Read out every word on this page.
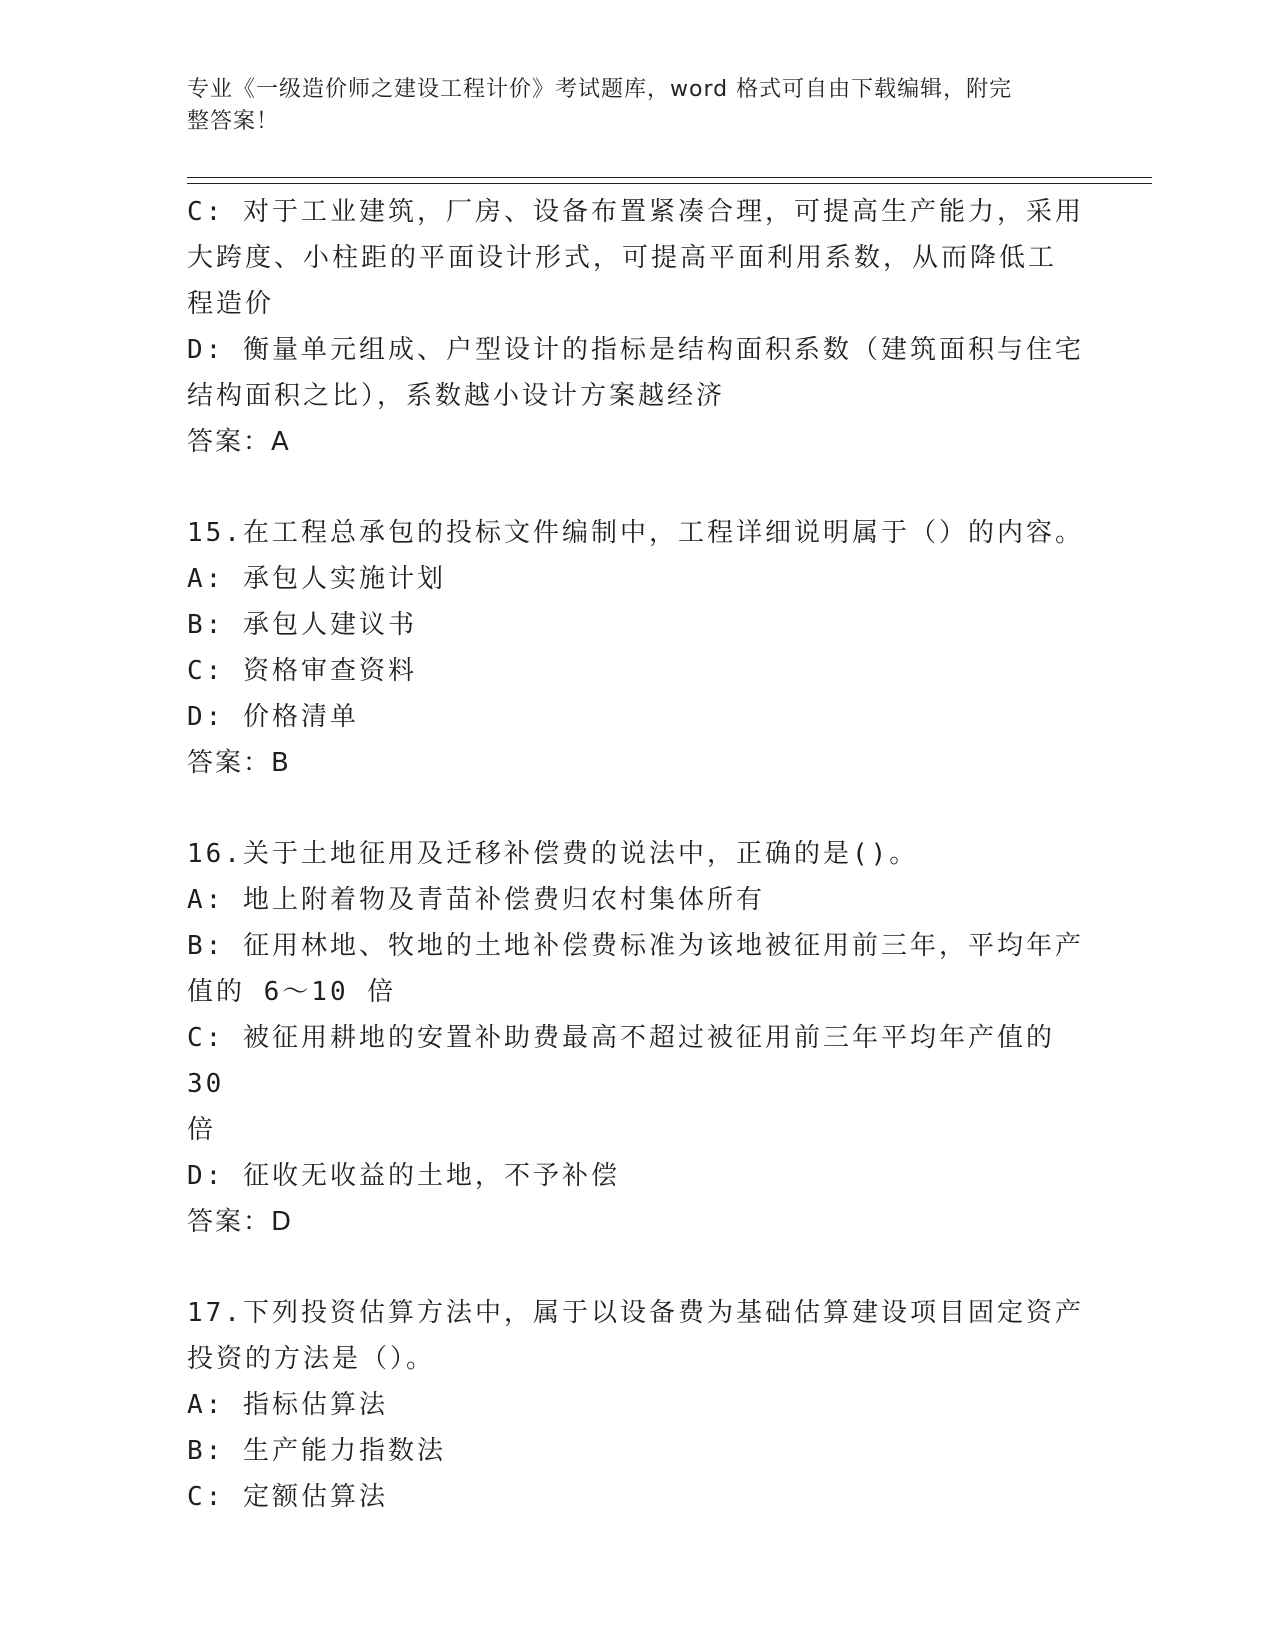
专业《一级造价师之建设工程计价》考试题库，word 格式可自由下载编辑，附完
整答案！
C: 对于工业建筑，厂房、设备布置紧凑合理，可提高生产能力，采用
大跨度、小柱距的平面设计形式，可提高平面利用系数，从而降低工
程造价
D: 衡量单元组成、户型设计的指标是结构面积系数（建筑面积与住宅
结构面积之比），系数越小设计方案越经济
答案：A
15.在工程总承包的投标文件编制中，工程详细说明属于（）的内容。
A: 承包人实施计划
B: 承包人建议书
C: 资格审查资料
D: 价格清单
答案：B
16.关于土地征用及迁移补偿费的说法中，正确的是()。
A: 地上附着物及青苗补偿费归农村集体所有
B: 征用林地、牧地的土地补偿费标准为该地被征用前三年，平均年产
值的 6～10 倍
C: 被征用耕地的安置补助费最高不超过被征用前三年平均年产值的 30
倍
D: 征收无收益的土地，不予补偿
答案：D
17.下列投资估算方法中，属于以设备费为基础估算建设项目固定资产
投资的方法是（）。
A: 指标估算法
B: 生产能力指数法
C: 定额估算法
